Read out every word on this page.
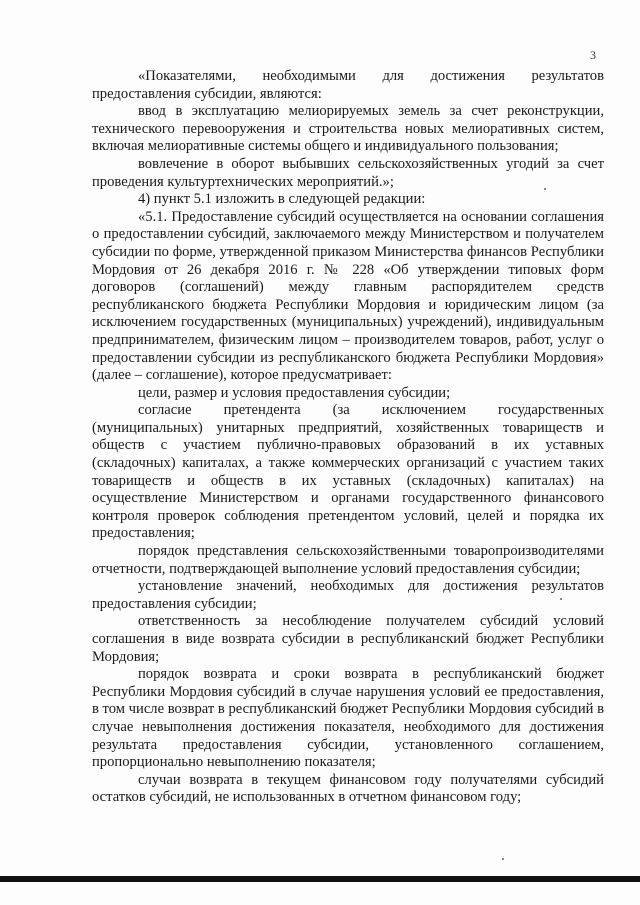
3

«Показателями, необходимыми для достижения результатов предоставления субсидии, являются:

ввод в эксплуатацию мелиорируемых земель за счет реконструкции, технического перевооружения и строительства новых мелиоративных систем, включая мелиоративные системы общего и индивидуального пользования;

вовлечение в оборот выбывших сельскохозяйственных угодий за счет проведения культуртехнических мероприятий.»;

4) пункт 5.1 изложить в следующей редакции:

«5.1. Предоставление субсидий осуществляется на основании соглашения о предоставлении субсидий, заключаемого между Министерством и получателем субсидии по форме, утвержденной приказом Министерства финансов Республики Мордовия от 26 декабря 2016 г. № 228 «Об утверждении типовых форм договоров (соглашений) между главным распорядителем средств республиканского бюджета Республики Мордовия и юридическим лицом (за исключением государственных (муниципальных) учреждений), индивидуальным предпринимателем, физическим лицом – производителем товаров, работ, услуг о предоставлении субсидии из республиканского бюджета Республики Мордовия» (далее – соглашение), которое предусматривает:

цели, размер и условия предоставления субсидии;

согласие претендента (за исключением государственных (муниципальных) унитарных предприятий, хозяйственных товариществ и обществ с участием публично-правовых образований в их уставных (складочных) капиталах, а также коммерческих организаций с участием таких товариществ и обществ в их уставных (складочных) капиталах) на осуществление Министерством и органами государственного финансового контроля проверок соблюдения претендентом условий, целей и порядка их предоставления;

порядок представления сельскохозяйственными товаропроизводителями отчетности, подтверждающей выполнение условий предоставления субсидии;

установление значений, необходимых для достижения результатов предоставления субсидии;

ответственность за несоблюдение получателем субсидий условий соглашения в виде возврата субсидии в республиканский бюджет Республики Мордовия;

порядок возврата и сроки возврата в республиканский бюджет Республики Мордовия субсидий в случае нарушения условий ее предоставления, в том числе возврат в республиканский бюджет Республики Мордовия субсидий в случае невыполнения достижения показателя, необходимого для достижения результата предоставления субсидии, установленного соглашением, пропорционально невыполнению показателя;

случаи возврата в текущем финансовом году получателями субсидий остатков субсидий, не использованных в отчетном финансовом году;
